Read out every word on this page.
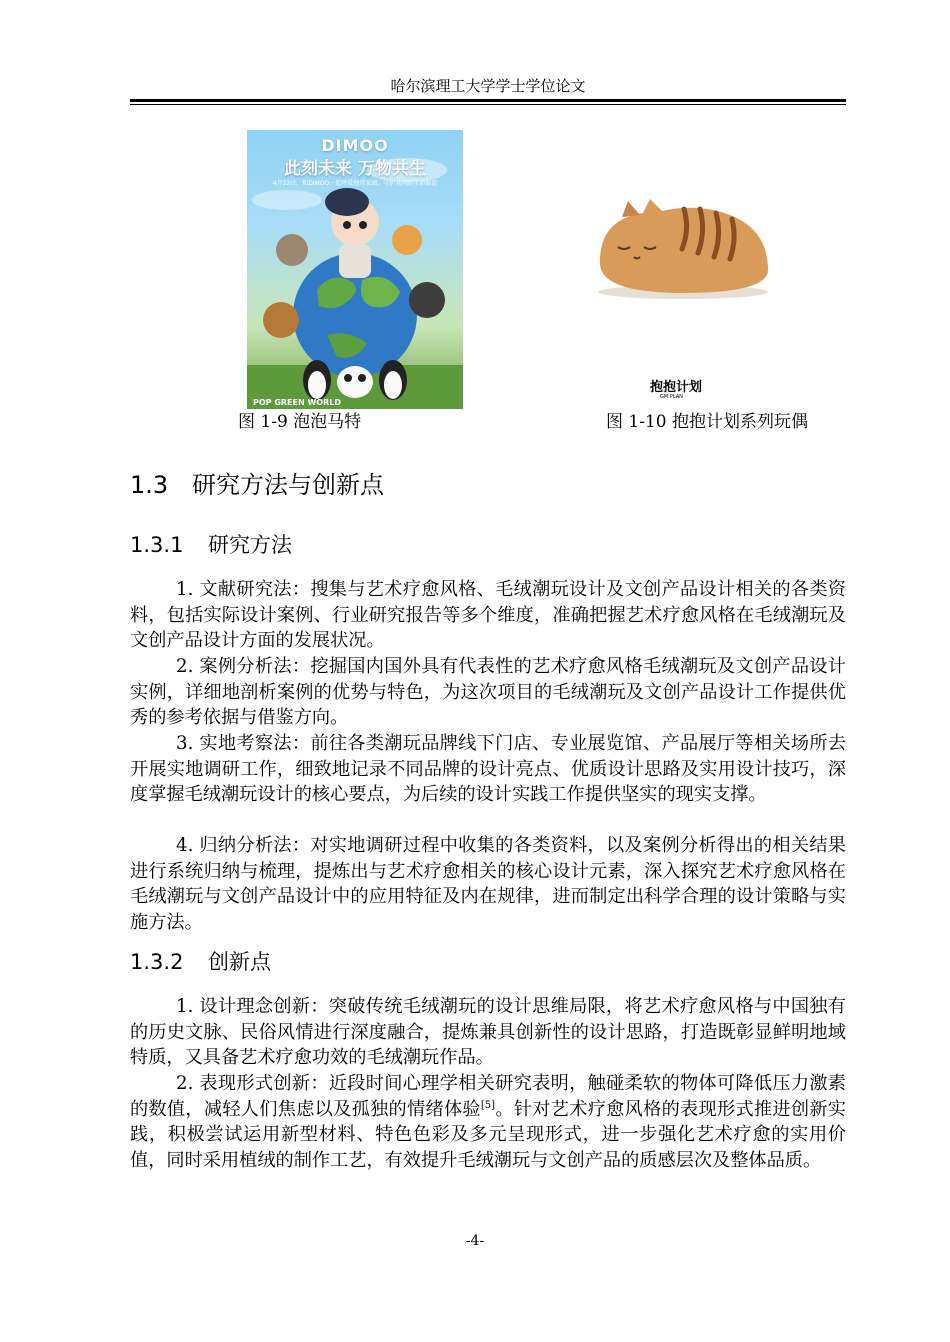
哈尔滨理工大学学士学位论文
DIMOO
此刻未来 万物共生
4月22日，和DIMOO一起珍爱地球家园，守护共同的生命摇篮
POP GREEN WORLD
图 1-9 泡泡马特
抱抱计划
GM PLAN
图 1-10 抱抱计划系列玩偶
1.3 研究方法与创新点
1.3.1 研究方法

1. 文献研究法：搜集与艺术疗愈风格、毛绒潮玩设计及文创产品设计相关的各类资料，包括实际设计案例、行业研究报告等多个维度，准确把握艺术疗愈风格在毛绒潮玩及文创产品设计方面的发展状况。

2. 案例分析法：挖掘国内国外具有代表性的艺术疗愈风格毛绒潮玩及文创产品设计实例，详细地剖析案例的优势与特色，为这次项目的毛绒潮玩及文创产品设计工作提供优秀的参考依据与借鉴方向。

3. 实地考察法：前往各类潮玩品牌线下门店、专业展览馆、产品展厅等相关场所去开展实地调研工作，细致地记录不同品牌的设计亮点、优质设计思路及实用设计技巧，深度掌握毛绒潮玩设计的核心要点，为后续的设计实践工作提供坚实的现实支撑。

4. 归纳分析法：对实地调研过程中收集的各类资料，以及案例分析得出的相关结果进行系统归纳与梳理，提炼出与艺术疗愈相关的核心设计元素，深入探究艺术疗愈风格在毛绒潮玩与文创产品设计中的应用特征及内在规律，进而制定出科学合理的设计策略与实施方法。

1.3.2 创新点

1. 设计理念创新：突破传统毛绒潮玩的设计思维局限，将艺术疗愈风格与中国独有的历史文脉、民俗风情进行深度融合，提炼兼具创新性的设计思路，打造既彰显鲜明地域特质，又具备艺术疗愈功效的毛绒潮玩作品。

2. 表现形式创新：近段时间心理学相关研究表明，触碰柔软的物体可降低压力激素的数值，减轻人们焦虑以及孤独的情绪体验[5]。针对艺术疗愈风格的表现形式推进创新实践，积极尝试运用新型材料、特色色彩及多元呈现形式，进一步强化艺术疗愈的实用价值，同时采用植绒的制作工艺，有效提升毛绒潮玩与文创产品的质感层次及整体品质。

-4-
